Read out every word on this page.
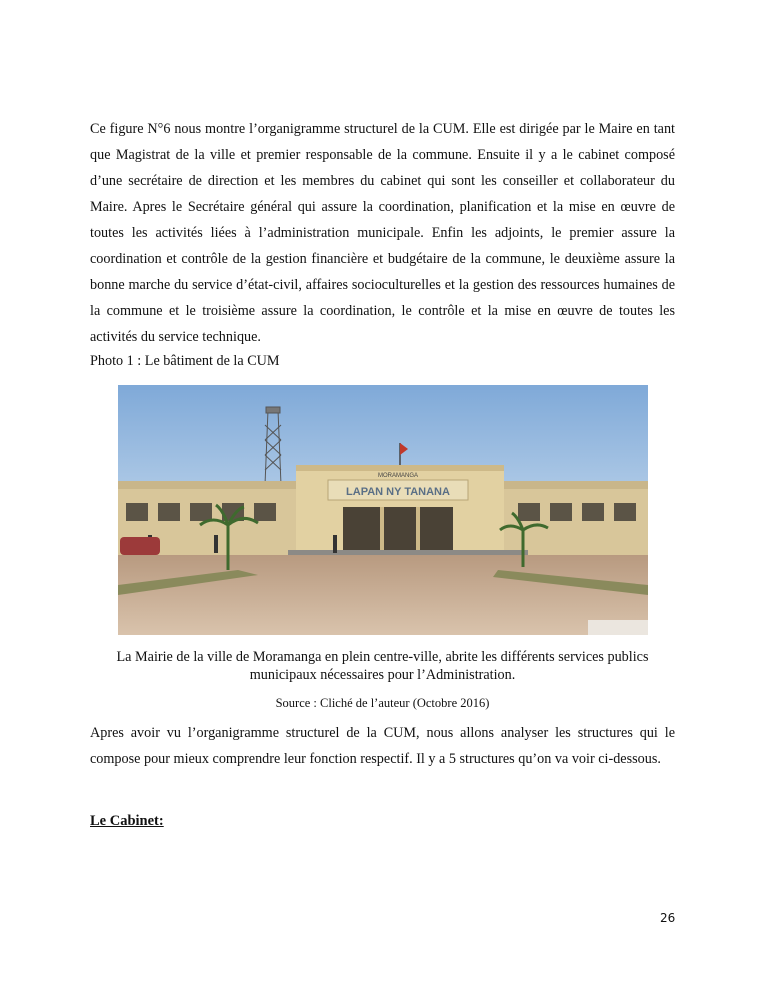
Ce figure N°6 nous montre l’organigramme structurel de la CUM. Elle est dirigée par le Maire en tant que Magistrat de la ville et premier responsable de la commune. Ensuite il y a le cabinet composé d’une secrétaire de direction et les membres du cabinet qui sont les conseiller et collaborateur du Maire. Apres le Secrétaire général qui assure la coordination, planification et la mise en œuvre de toutes les activités liées à l’administration municipale. Enfin les adjoints, le premier assure la coordination et contrôle de la gestion financière et budgétaire de la commune, le deuxième assure la bonne marche du service d’état-civil, affaires socioculturelles et la gestion des ressources humaines de la commune et le troisième assure la coordination, le contrôle et la mise en œuvre de toutes les activités du service technique.

Photo 1 : Le bâtiment de la CUM

MORAMANGA
LAPAN NY TANANA

La Mairie de la ville de Moramanga en plein centre-ville, abrite les différents services publics municipaux nécessaires pour l’Administration.

Source : Cliché de l’auteur (Octobre 2016)

Apres avoir vu l’organigramme structurel de la CUM, nous allons analyser les structures qui le compose pour mieux comprendre leur fonction respectif. Il y a 5 structures qu’on va voir ci-dessous.

Le Cabinet:

26
